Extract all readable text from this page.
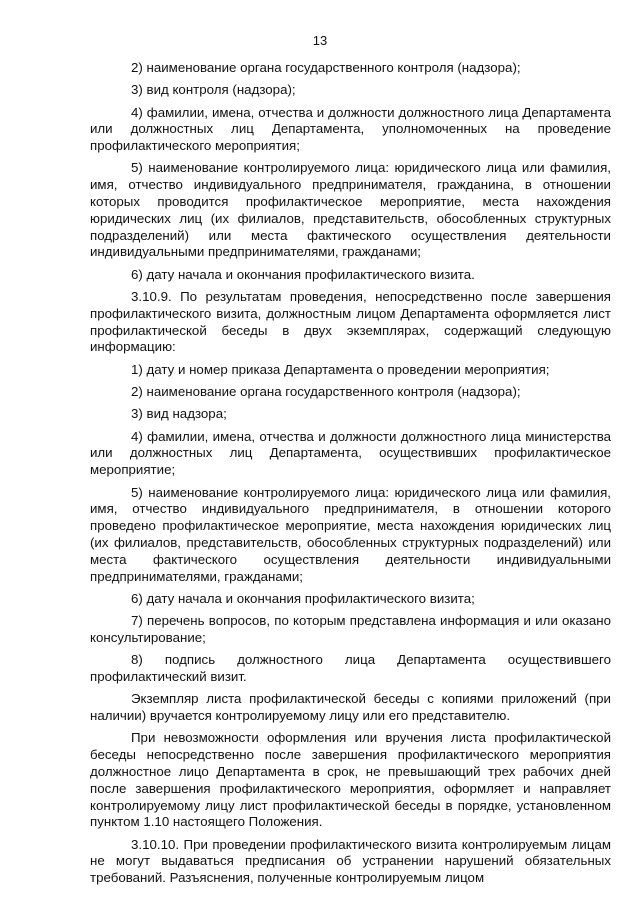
13

2) наименование органа государственного контроля (надзора);

3) вид контроля (надзора);

4) фамилии, имена, отчества и должности должностного лица Департамента или должностных лиц Департамента, уполномоченных на проведение профилактического мероприятия;

5) наименование контролируемого лица: юридического лица или фамилия, имя, отчество индивидуального предпринимателя, гражданина, в отношении которых проводится профилактическое мероприятие, места нахождения юридических лиц (их филиалов, представительств, обособленных структурных подразделений) или места фактического осуществления деятельности индивидуальными предпринимателями, гражданами;

6) дату начала и окончания профилактического визита.

3.10.9. По результатам проведения, непосредственно после завершения профилактического визита, должностным лицом Департамента оформляется лист профилактической беседы в двух экземплярах, содержащий следующую информацию:

1) дату и номер приказа Департамента о проведении мероприятия;

2) наименование органа государственного контроля (надзора);

3) вид надзора;

4) фамилии, имена, отчества и должности должностного лица министерства или должностных лиц Департамента, осуществивших профилактическое мероприятие;

5) наименование контролируемого лица: юридического лица или фамилия, имя, отчество индивидуального предпринимателя, в отношении которого проведено профилактическое мероприятие, места нахождения юридических лиц (их филиалов, представительств, обособленных структурных подразделений) или места фактического осуществления деятельности индивидуальными предпринимателями, гражданами;

6) дату начала и окончания профилактического визита;

7) перечень вопросов, по которым представлена информация и или оказано консультирование;

8) подпись должностного лица Департамента осуществившего профилактический визит.

Экземпляр листа профилактической беседы с копиями приложений (при наличии) вручается контролируемому лицу или его представителю.

При невозможности оформления или вручения листа профилактической беседы непосредственно после завершения профилактического мероприятия должностное лицо Департамента в срок, не превышающий трех рабочих дней после завершения профилактического мероприятия, оформляет и направляет контролируемому лицу лист профилактической беседы в порядке, установленном пунктом 1.10 настоящего Положения.

3.10.10. При проведении профилактического визита контролируемым лицам не могут выдаваться предписания об устранении нарушений обязательных требований. Разъяснения, полученные контролируемым лицом
